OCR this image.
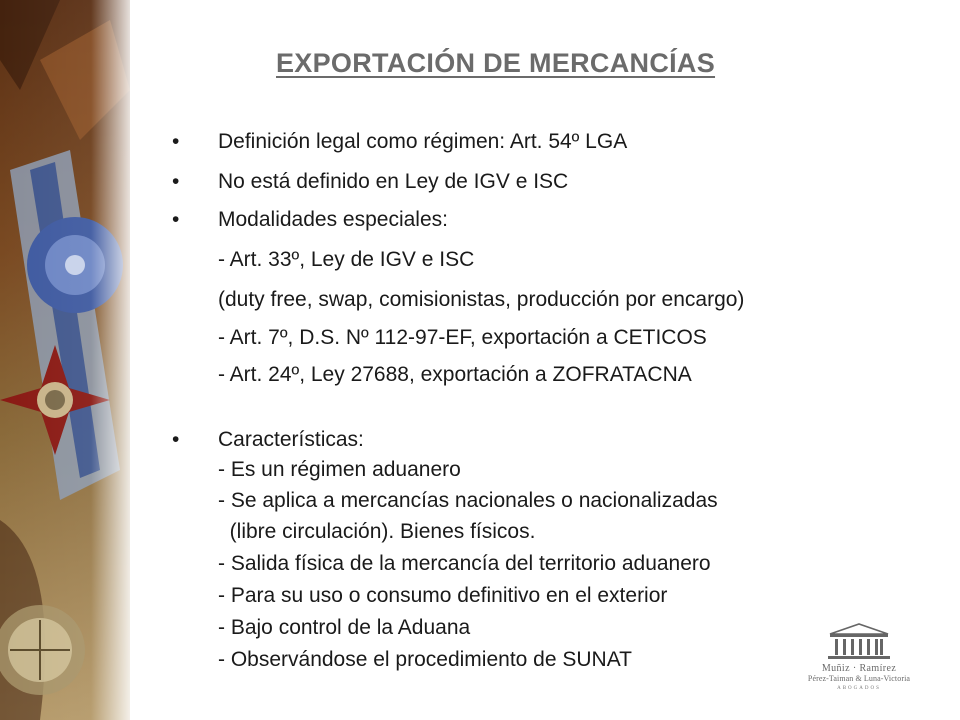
EXPORTACIÓN DE MERCANCÍAS
• Definición legal como régimen: Art. 54º LGA
• No está definido en Ley de IGV e ISC
• Modalidades especiales:
- Art. 33º, Ley de IGV e ISC
(duty free, swap, comisionistas, producción por encargo)
- Art. 7º, D.S. Nº 112-97-EF, exportación a CETICOS
- Art. 24º, Ley 27688, exportación a ZOFRATACNA
• Características:
- Es un régimen aduanero
- Se aplica a mercancías nacionales o nacionalizadas
(libre circulación). Bienes físicos.
- Salida física de la mercancía del territorio aduanero
- Para su uso o consumo definitivo en el exterior
- Bajo control de la Aduana
- Observándose el procedimiento de SUNAT	Muñiz · Ramírez
Pérez-Taiman & Luna-Victoria
ABOGADOS
